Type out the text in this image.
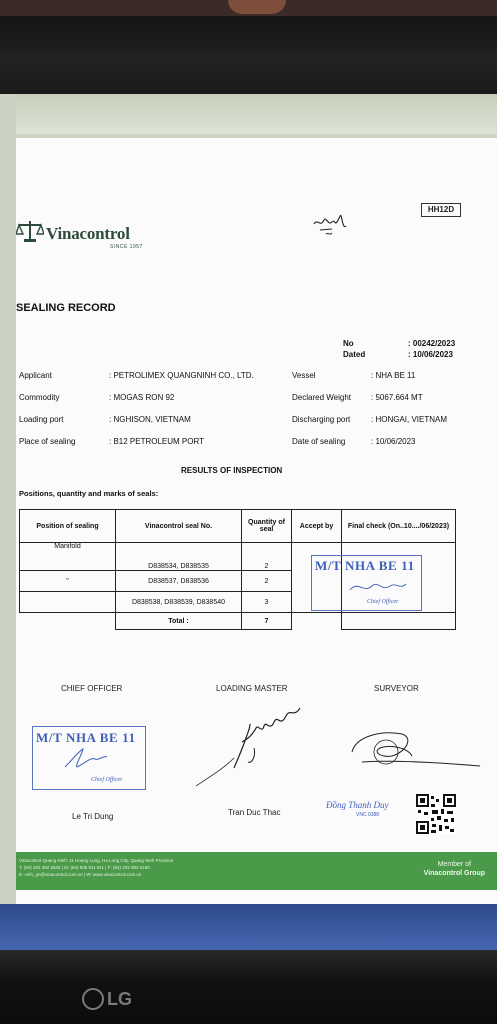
HH12D
Vinacontrol
SINCE 1957
SEALING RECORD
No	: 00242/2023
Dated	: 10/06/2023
Applicant	: PETROLIMEX QUANGNINH CO., LTD.
Commodity	: MOGAS RON 92
Loading port	: NGHISON, VIETNAM
Place of sealing	: B12 PETROLEUM PORT
Vessel	: NHA BE 11
Declared Weight	: 5067.664 MT
Discharging port	: HONGAI, VIETNAM
Date of sealing	: 10/06/2023
RESULTS OF INSPECTION
Positions, quantity and marks of seals:
Position of sealing	Vinacontrol seal No.	Quantity of seal	Accept by	Final check (On..10..../06/2023)
Manifold	D838534, D838535	2		
"	D838537, D838536	2		
	D838538, D838539, D838540	3		
	Total :	7		
M/T NHA BE 11
Chief Officer
CHIEF OFFICER	LOADING MASTER	SURVEYOR
M/T NHA BE 11
Chief Officer
Le Tri Dung	Tran Duc Thac
Đồng Thanh Duy
VNC 0388
Vinacontrol Quang Ninh: 11 Hoang Long, Ha Long City, Quang Ninh Province
T: (84) 203 382 5535 | M: (84) 936 911 811 | F: (84) 203 382 6160
E: vnfn_qn@vinacontrol.com.vn | W: www.vinacontrol.com.vn
Member of
Vinacontrol Group
LG
